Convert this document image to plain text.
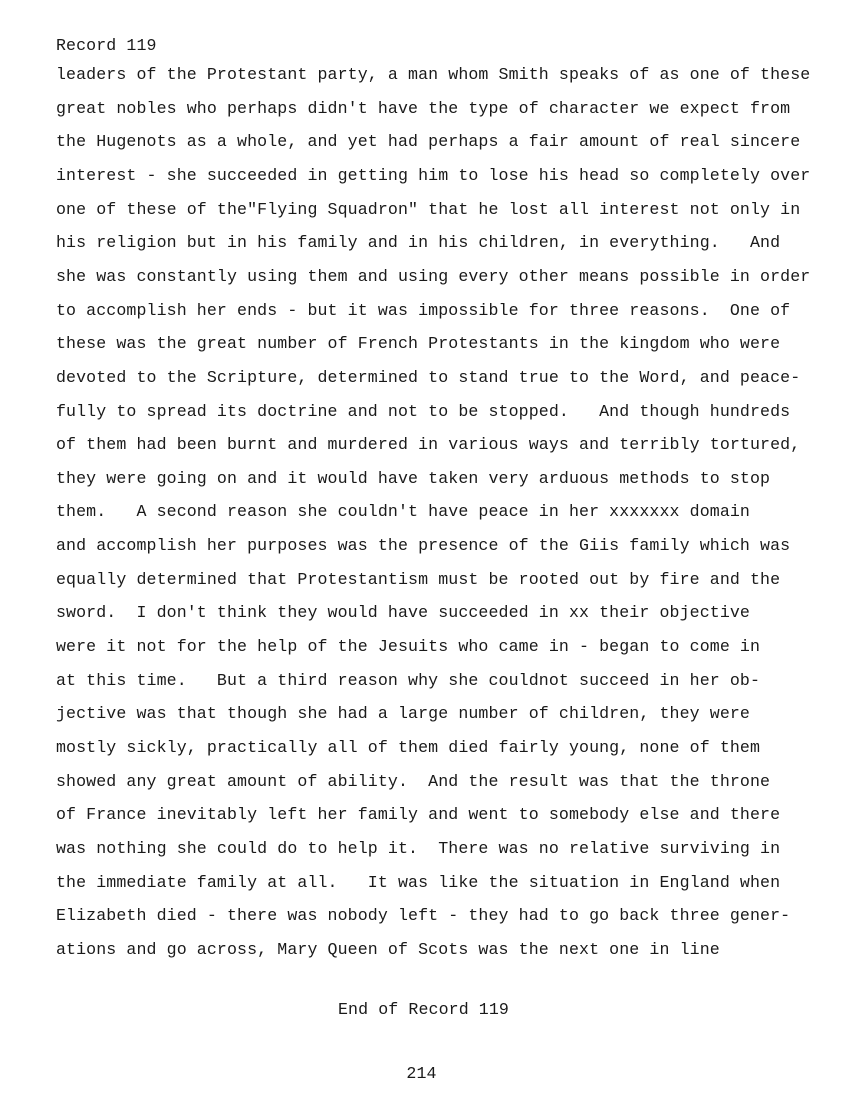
Record 119
leaders of the Protestant party, a man whom Smith speaks of as one of these
great nobles who perhaps didn't have the type of character we expect from
the Hugenots as a whole, and yet had perhaps a fair amount of real sincere
interest - she succeeded in getting him to lose his head so completely over
one of these of the"Flying Squadron" that he lost all interest not only in
his religion but in his family and in his children, in everything.   And
she was constantly using them and using every other means possible in order
to accomplish her ends - but it was impossible for three reasons.  One of
these was the great number of French Protestants in the kingdom who were
devoted to the Scripture, determined to stand true to the Word, and peace-
fully to spread its doctrine and not to be stopped.   And though hundreds
of them had been burnt and murdered in various ways and terribly tortured,
they were going on and it would have taken very arduous methods to stop
them.   A second reason she couldn't have peace in her xxxxxxx domain
and accomplish her purposes was the presence of the Giis family which was
equally determined that Protestantism must be rooted out by fire and the
sword.  I don't think they would have succeeded in xx their objective
were it not for the help of the Jesuits who came in - began to come in
at this time.   But a third reason why she couldnot succeed in her ob-
jective was that though she had a large number of children, they were
mostly sickly, practically all of them died fairly young, none of them
showed any great amount of ability.  And the result was that the throne
of France inevitably left her family and went to somebody else and there
was nothing she could do to help it.  There was no relative surviving in
the immediate family at all.   It was like the situation in England when
Elizabeth died - there was nobody left - they had to go back three gener-
ations and go across, Mary Queen of Scots was the next one in line
End of Record 119
214
